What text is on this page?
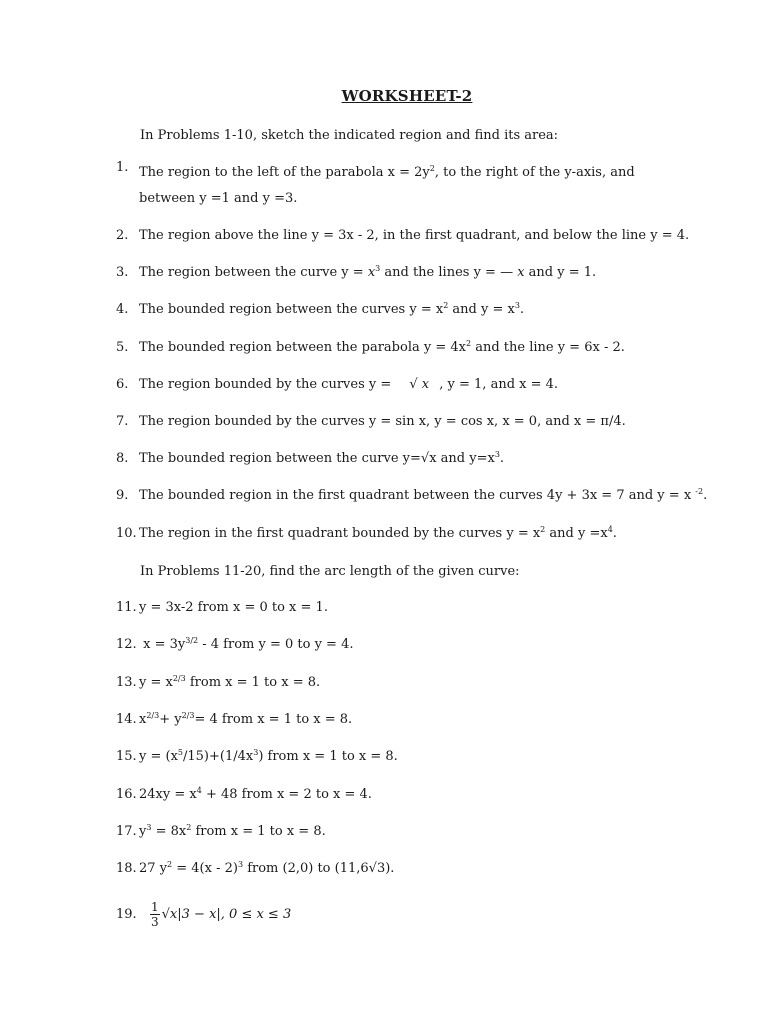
WORKSHEET-2
In Problems 1-10, sketch the indicated region and find its area:
1. The region to the left of the parabola $x = 2y^2$, to the right of the y-axis, and between y =1 and y =3.
2. The region above the line y = 3x - 2, in the first quadrant, and below the line y = 4.
3. The region between the curve $y = x^3$ and the lines y = — x and y = 1.
4. The bounded region between the curves $y = x^2$ and $y = x^3$.
5. The bounded region between the parabola $y = 4x^2$ and the line y = 6x - 2.
6. The region bounded by the curves y = √ x , y = 1, and x = 4.
7. The region bounded by the curves y = sin x, y = cos x, x = 0, and x = π/4.
8. The bounded region between the curve y=√x and $y=x^3$.
9. The bounded region in the first quadrant between the curves 4y + 3x = 7 and y = x $^{-2}$.
10. The region in the first quadrant bounded by the curves $y = x^2$ and $y =x^4$.
In Problems 11-20, find the arc length of the given curve:
11. y = 3x-2 from x = 0 to x = 1.
12. $x = 3y^{3/2} - 4$ from y = 0 to y = 4.
13. $y = x^{2/3}$ from x = 1 to x = 8.
14. $x^{2/3}+ y^{2/3}= 4$ from x = 1 to x = 8.
15. $y = (x^5/15)+(1/4x^3)$ from x = 1 to x = 8.
16. $24xy = x^4 + 48$ from x = 2 to x = 4.
17. $y^3 = 8x^2$ from x = 1 to x = 8.
18. 27 $y^2 = 4(x - 2)^3$ from (2,0) to (11,6√3).
19. $\frac{1}{3} √x|3 - x|$, 0 ≤ x ≤ 3
